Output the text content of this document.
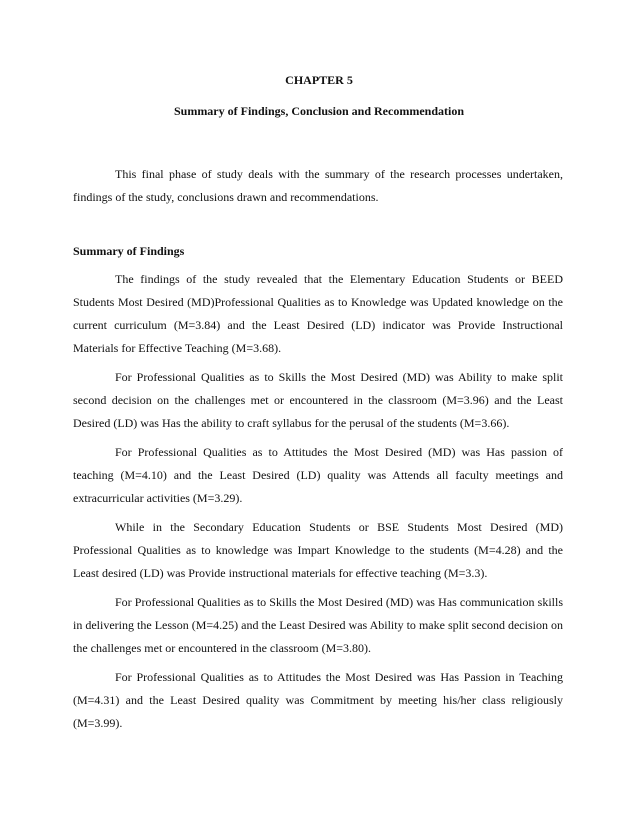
CHAPTER 5
Summary of Findings, Conclusion and Recommendation

This final phase of study deals with the summary of the research processes undertaken, findings of the study, conclusions drawn and recommendations.

Summary of Findings

The findings of the study revealed that the Elementary Education Students or BEED Students Most Desired (MD)Professional Qualities as to Knowledge was Updated knowledge on the current curriculum (M=3.84) and the Least Desired (LD) indicator was Provide Instructional Materials for Effective Teaching (M=3.68).

For Professional Qualities as to Skills the Most Desired (MD) was Ability to make split second decision on the challenges met or encountered in the classroom (M=3.96) and the Least Desired (LD) was Has the ability to craft syllabus for the perusal of the students (M=3.66).

For Professional Qualities as to Attitudes the Most Desired (MD) was Has passion of teaching (M=4.10) and the Least Desired (LD) quality was Attends all faculty meetings and extracurricular activities (M=3.29).

While in the Secondary Education Students or BSE Students Most Desired (MD) Professional Qualities as to knowledge was Impart Knowledge to the students (M=4.28) and the Least desired (LD) was Provide instructional materials for effective teaching (M=3.3).

For Professional Qualities as to Skills the Most Desired (MD) was Has communication skills in delivering the Lesson (M=4.25) and the Least Desired was Ability to make split second decision on the challenges met or encountered in the classroom (M=3.80).

For Professional Qualities as to Attitudes the Most Desired was Has Passion in Teaching (M=4.31) and the Least Desired quality was Commitment by meeting his/her class religiously (M=3.99).
